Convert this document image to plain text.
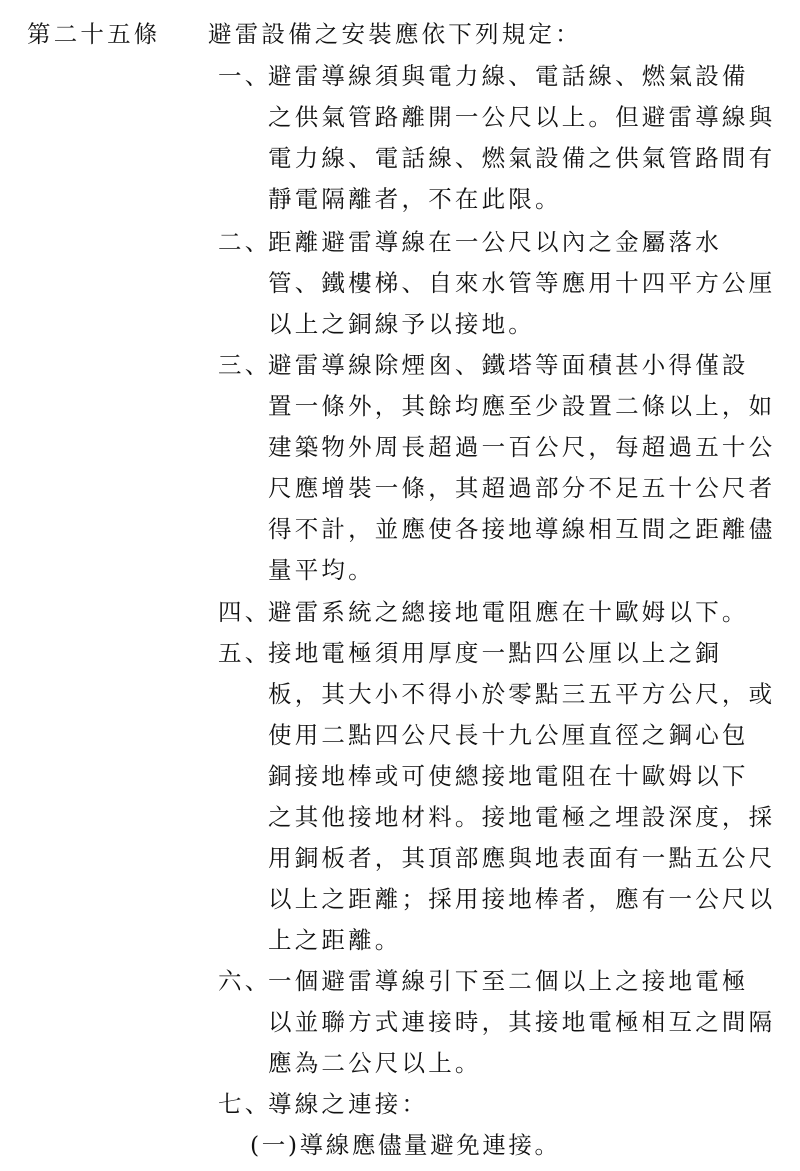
第二十五條 避雷設備之安裝應依下列規定：
一、
避雷導線須與電力線、電話線、燃氣設備
之供氣管路離開一公尺以上。但避雷導線與
電力線、電話線、燃氣設備之供氣管路間有
靜電隔離者，不在此限。
二、
距離避雷導線在一公尺以內之金屬落水
管、鐵樓梯、自來水管等應用十四平方公厘
以上之銅線予以接地。
三、
避雷導線除煙囪、鐵塔等面積甚小得僅設
置一條外，其餘均應至少設置二條以上，如
建築物外周長超過一百公尺，每超過五十公
尺應增裝一條，其超過部分不足五十公尺者
得不計，並應使各接地導線相互間之距離儘
量平均。
四、
避雷系統之總接地電阻應在十歐姆以下。
五、
接地電極須用厚度一點四公厘以上之銅
板，其大小不得小於零點三五平方公尺，或
使用二點四公尺長十九公厘直徑之鋼心包
銅接地棒或可使總接地電阻在十歐姆以下
之其他接地材料。接地電極之埋設深度，採
用銅板者，其頂部應與地表面有一點五公尺
以上之距離；採用接地棒者，應有一公尺以
上之距離。
六、
一個避雷導線引下至二個以上之接地電極
以並聯方式連接時，其接地電極相互之間隔
應為二公尺以上。
七、
導線之連接：
(一)導線應儘量避免連接。
